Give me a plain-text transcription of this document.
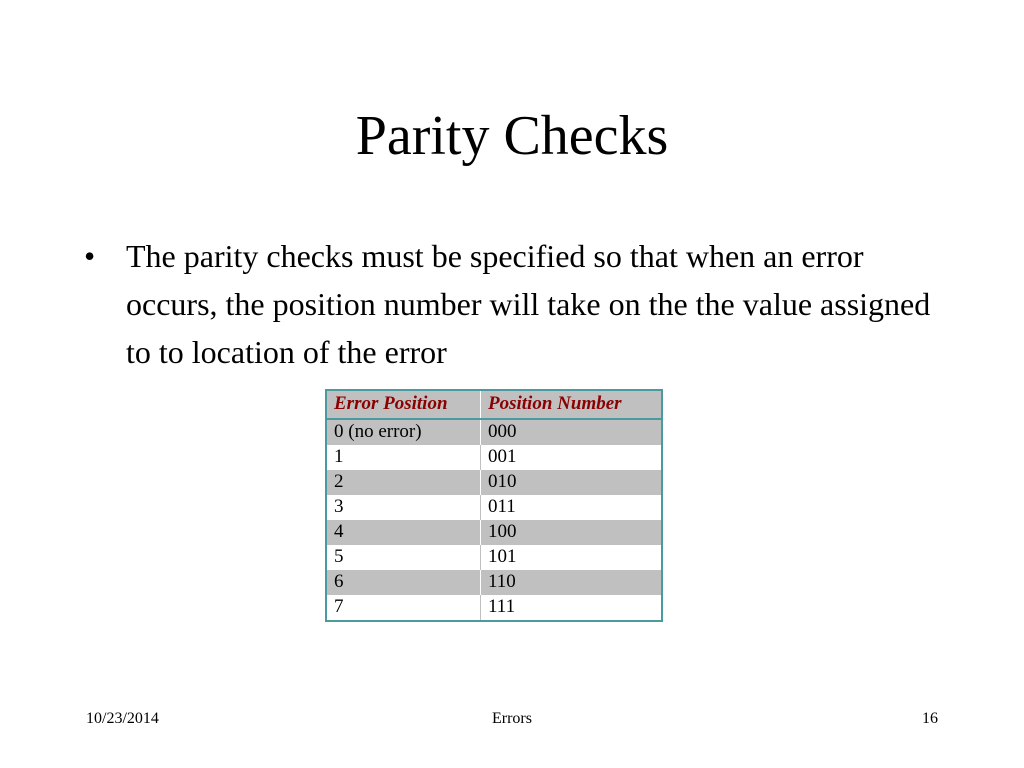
Parity Checks
• The parity checks must be specified so that when an error occurs, the position number will take on the the value assigned to to location of the error
Error Position	Position Number
0 (no error)	000
1	001
2	010
3	011
4	100
5	101
6	110
7	111
10/23/2014	Errors	16
